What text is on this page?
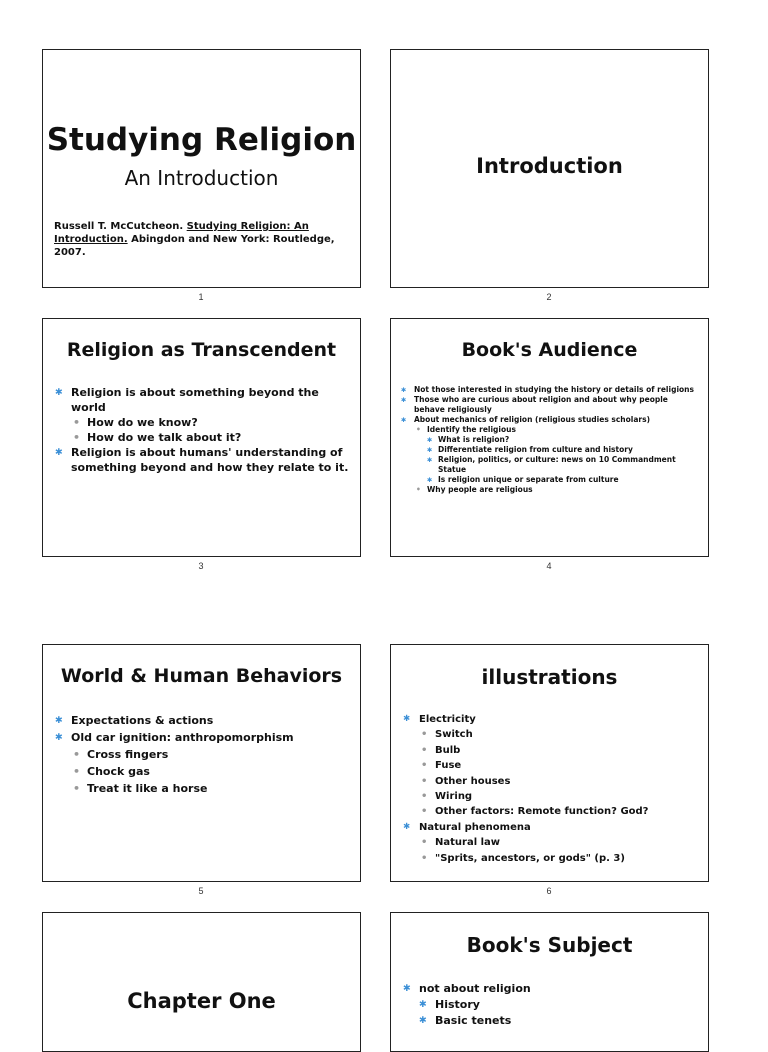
Studying Religion
An Introduction
Russell T. McCutcheon. Studying Religion: An Introduction. Abingdon and New York: Routledge, 2007.
1
Introduction
2
Religion as Transcendent
✱ Religion is about something beyond the world
• How do we know?
• How do we talk about it?
✱ Religion is about humans' understanding of something beyond and how they relate to it.
3
Book's Audience
✱ Not those interested in studying the history or details of religions
✱ Those who are curious about religion and about why people behave religiously
✱ About mechanics of religion (religious studies scholars)
• Identify the religious
✱ What is religion?
✱ Differentiate religion from culture and history
✱ Religion, politics, or culture: news on 10 Commandment Statue
✱ Is religion unique or separate from culture
• Why people are religious
4
World & Human Behaviors
✱ Expectations & actions
✱ Old car ignition: anthropomorphism
• Cross fingers
• Chock gas
• Treat it like a horse
5
illustrations
✱ Electricity
• Switch
• Bulb
• Fuse
• Other houses
• Wiring
• Other factors: Remote function? God?
✱ Natural phenomena
• Natural law
• "Sprits, ancestors, or gods" (p. 3)
6
Chapter One
Book's Subject
✱ not about religion
✱ History
✱ Basic tenets
